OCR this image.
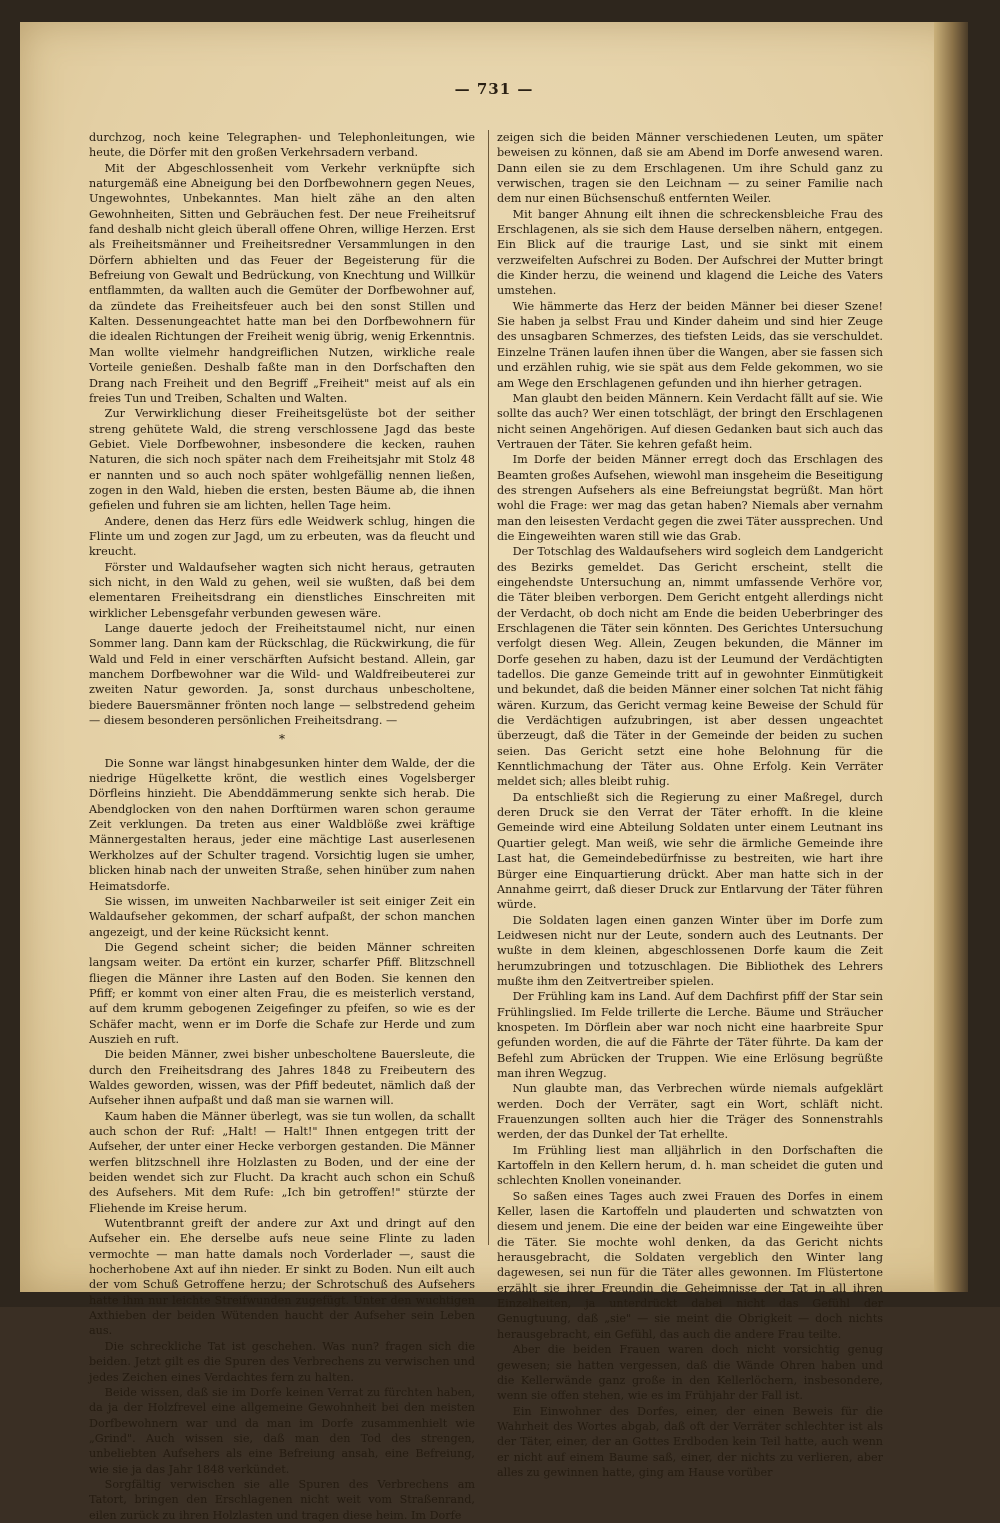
— 731 —

durchzog, noch keine Telegraphen- und Telephonleitungen, wie heute, die Dörfer mit den großen Verkehrsadern verband.

Mit der Abgeschlossenheit vom Verkehr verknüpfte sich naturgemäß eine Abneigung bei den Dorfbewohnern gegen Neues, Ungewohntes, Unbekanntes. Man hielt zähe an den alten Gewohnheiten, Sitten und Gebräuchen fest. Der neue Freiheitsruf fand deshalb nicht gleich überall offene Ohren, willige Herzen. Erst als Freiheitsmänner und Freiheitsredner Versammlungen in den Dörfern abhielten und das Feuer der Begeisterung für die Befreiung von Gewalt und Bedrückung, von Knechtung und Willkür entflammten, da wallten auch die Gemüter der Dorfbewohner auf, da zündete das Freiheitsfeuer auch bei den sonst Stillen und Kalten. Dessenungeachtet hatte man bei den Dorfbewohnern für die idealen Richtungen der Freiheit wenig übrig, wenig Erkenntnis. Man wollte vielmehr handgreiflichen Nutzen, wirkliche reale Vorteile genießen. Deshalb faßte man in den Dorfschaften den Drang nach Freiheit und den Begriff „Freiheit" meist auf als ein freies Tun und Treiben, Schalten und Walten.

Zur Verwirklichung dieser Freiheitsgelüste bot der seither streng gehütete Wald, die streng verschlossene Jagd das beste Gebiet. Viele Dorfbewohner, insbesondere die kecken, rauhen Naturen, die sich noch später nach dem Freiheitsjahr mit Stolz 48 er nannten und so auch noch später wohlgefällig nennen ließen, zogen in den Wald, hieben die ersten, besten Bäume ab, die ihnen gefielen und fuhren sie am lichten, hellen Tage heim.

Andere, denen das Herz fürs edle Weidwerk schlug, hingen die Flinte um und zogen zur Jagd, um zu erbeuten, was da fleucht und kreucht.

Förster und Waldaufseher wagten sich nicht heraus, getrauten sich nicht, in den Wald zu gehen, weil sie wußten, daß bei dem elementaren Freiheitsdrang ein dienstliches Einschreiten mit wirklicher Lebensgefahr verbunden gewesen wäre.

Lange dauerte jedoch der Freiheitstaumel nicht, nur einen Sommer lang. Dann kam der Rückschlag, die Rückwirkung, die für Wald und Feld in einer verschärften Aufsicht bestand. Allein, gar manchem Dorfbewohner war die Wild- und Waldfreibeuterei zur zweiten Natur geworden. Ja, sonst durchaus unbescholtene, biedere Bauersmänner frönten noch lange — selbstredend geheim — diesem besonderen persönlichen Freiheitsdrang. —

*

Die Sonne war längst hinabgesunken hinter dem Walde, der die niedrige Hügelkette krönt, die westlich eines Vogelsberger Dörfleins hinzieht. Die Abenddämmerung senkte sich herab. Die Abendglocken von den nahen Dorftürmen waren schon geraume Zeit verklungen. Da treten aus einer Waldblöße zwei kräftige Männergestalten heraus, jeder eine mächtige Last auserlesenen Werkholzes auf der Schulter tragend. Vorsichtig lugen sie umher, blicken hinab nach der unweiten Straße, sehen hinüber zum nahen Heimatsdorfe.

Sie wissen, im unweiten Nachbarweiler ist seit einiger Zeit ein Waldaufseher gekommen, der scharf aufpaßt, der schon manchen angezeigt, und der keine Rücksicht kennt.

Die Gegend scheint sicher; die beiden Männer schreiten langsam weiter. Da ertönt ein kurzer, scharfer Pfiff. Blitzschnell fliegen die Männer ihre Lasten auf den Boden. Sie kennen den Pfiff; er kommt von einer alten Frau, die es meisterlich verstand, auf dem krumm gebogenen Zeigefinger zu pfeifen, so wie es der Schäfer macht, wenn er im Dorfe die Schafe zur Herde und zum Auszieh en ruft.

Die beiden Männer, zwei bisher unbescholtene Bauersleute, die durch den Freiheitsdrang des Jahres 1848 zu Freibeutern des Waldes geworden, wissen, was der Pfiff bedeutet, nämlich daß der Aufseher ihnen aufpaßt und daß man sie warnen will.

Kaum haben die Männer überlegt, was sie tun wollen, da schallt auch schon der Ruf: „Halt! — Halt!" Ihnen entgegen tritt der Aufseher, der unter einer Hecke verborgen gestanden. Die Männer werfen blitzschnell ihre Holzlasten zu Boden, und der eine der beiden wendet sich zur Flucht. Da kracht auch schon ein Schuß des Aufsehers. Mit dem Rufe: „Ich bin getroffen!" stürzte der Fliehende im Kreise herum.

Wutentbrannt greift der andere zur Axt und dringt auf den Aufseher ein. Ehe derselbe aufs neue seine Flinte zu laden vermochte — man hatte damals noch Vorderlader —, saust die hocherhobene Axt auf ihn nieder. Er sinkt zu Boden. Nun eilt auch der vom Schuß Getroffene herzu; der Schrotschuß des Aufsehers hatte ihm nur leichte Streifwunden zugefügt. Unter den wuchtigen Axthieben der beiden Wütenden haucht der Aufseher sein Leben aus.

Die schreckliche Tat ist geschehen. Was nun? fragen sich die beiden. Jetzt gilt es die Spuren des Verbrechens zu verwischen und jedes Zeichen eines Verdachtes fern zu halten.

Beide wissen, daß sie im Dorfe keinen Verrat zu fürchten haben, da ja der Holzfrevel eine allgemeine Gewohnheit bei den meisten Dorfbewohnern war und da man im Dorfe zusammenhielt wie „Grind". Auch wissen sie, daß man den Tod des strengen, unbeliebten Aufsehers als eine Befreiung ansah, eine Befreiung, wie sie ja das Jahr 1848 verkündet.

Sorgfältig verwischen sie alle Spuren des Verbrechens am Tatort, bringen den Erschlagenen nicht weit vom Straßenrand, eilen zurück zu ihren Holzlasten und tragen diese heim. Im Dorfe

zeigen sich die beiden Männer verschiedenen Leuten, um später beweisen zu können, daß sie am Abend im Dorfe anwesend waren. Dann eilen sie zu dem Erschlagenen. Um ihre Schuld ganz zu verwischen, tragen sie den Leichnam — zu seiner Familie nach dem nur einen Büchsenschuß entfernten Weiler.

Mit banger Ahnung eilt ihnen die schreckensbleiche Frau des Erschlagenen, als sie sich dem Hause derselben nähern, entgegen. Ein Blick auf die traurige Last, und sie sinkt mit einem verzweifelten Aufschrei zu Boden. Der Aufschrei der Mutter bringt die Kinder herzu, die weinend und klagend die Leiche des Vaters umstehen.

Wie hämmerte das Herz der beiden Männer bei dieser Szene! Sie haben ja selbst Frau und Kinder daheim und sind hier Zeuge des unsagbaren Schmerzes, des tiefsten Leids, das sie verschuldet. Einzelne Tränen laufen ihnen über die Wangen, aber sie fassen sich und erzählen ruhig, wie sie spät aus dem Felde gekommen, wo sie am Wege den Erschlagenen gefunden und ihn hierher getragen.

Man glaubt den beiden Männern. Kein Verdacht fällt auf sie. Wie sollte das auch? Wer einen totschlägt, der bringt den Erschlagenen nicht seinen Angehörigen. Auf diesen Gedanken baut sich auch das Vertrauen der Täter. Sie kehren gefaßt heim.

Im Dorfe der beiden Männer erregt doch das Erschlagen des Beamten großes Aufsehen, wiewohl man insgeheim die Beseitigung des strengen Aufsehers als eine Befreiungstat begrüßt. Man hört wohl die Frage: wer mag das getan haben? Niemals aber vernahm man den leisesten Verdacht gegen die zwei Täter aussprechen. Und die Eingeweihten waren still wie das Grab.

Der Totschlag des Waldaufsehers wird sogleich dem Landgericht des Bezirks gemeldet. Das Gericht erscheint, stellt die eingehendste Untersuchung an, nimmt umfassende Verhöre vor, die Täter bleiben verborgen. Dem Gericht entgeht allerdings nicht der Verdacht, ob doch nicht am Ende die beiden Ueberbringer des Erschlagenen die Täter sein könnten. Des Gerichtes Untersuchung verfolgt diesen Weg. Allein, Zeugen bekunden, die Männer im Dorfe gesehen zu haben, dazu ist der Leumund der Verdächtigten tadellos. Die ganze Gemeinde tritt auf in gewohnter Einmütigkeit und bekundet, daß die beiden Männer einer solchen Tat nicht fähig wären. Kurzum, das Gericht vermag keine Beweise der Schuld für die Verdächtigen aufzubringen, ist aber dessen ungeachtet überzeugt, daß die Täter in der Gemeinde der beiden zu suchen seien. Das Gericht setzt eine hohe Belohnung für die Kenntlichmachung der Täter aus. Ohne Erfolg. Kein Verräter meldet sich; alles bleibt ruhig.

Da entschließt sich die Regierung zu einer Maßregel, durch deren Druck sie den Verrat der Täter erhofft. In die kleine Gemeinde wird eine Abteilung Soldaten unter einem Leutnant ins Quartier gelegt. Man weiß, wie sehr die ärmliche Gemeinde ihre Last hat, die Gemeindebedürfnisse zu bestreiten, wie hart ihre Bürger eine Einquartierung drückt. Aber man hatte sich in der Annahme geirrt, daß dieser Druck zur Entlarvung der Täter führen würde.

Die Soldaten lagen einen ganzen Winter über im Dorfe zum Leidwesen nicht nur der Leute, sondern auch des Leutnants. Der wußte in dem kleinen, abgeschlossenen Dorfe kaum die Zeit herumzubringen und totzuschlagen. Die Bibliothek des Lehrers mußte ihm den Zeitvertreiber spielen.

Der Frühling kam ins Land. Auf dem Dachfirst pfiff der Star sein Frühlingslied. Im Felde trillerte die Lerche. Bäume und Sträucher knospeten. Im Dörflein aber war noch nicht eine haarbreite Spur gefunden worden, die auf die Fährte der Täter führte. Da kam der Befehl zum Abrücken der Truppen. Wie eine Erlösung begrüßte man ihren Wegzug.

Nun glaubte man, das Verbrechen würde niemals aufgeklärt werden. Doch der Verräter, sagt ein Wort, schläft nicht. Frauenzungen sollten auch hier die Träger des Sonnenstrahls werden, der das Dunkel der Tat erhellte.

Im Frühling liest man alljährlich in den Dorfschaften die Kartoffeln in den Kellern herum, d. h. man scheidet die guten und schlechten Knollen voneinander.

So saßen eines Tages auch zwei Frauen des Dorfes in einem Keller, lasen die Kartoffeln und plauderten und schwatzten von diesem und jenem. Die eine der beiden war eine Eingeweihte über die Täter. Sie mochte wohl denken, da das Gericht nichts herausgebracht, die Soldaten vergeblich den Winter lang dagewesen, sei nun für die Täter alles gewonnen. Im Flüstertone erzählt sie ihrer Freundin die Geheimnisse der Tat in all ihren Einzelheiten, ja unterdrückt dabei nicht das Gefühl der Genugtuung, daß „sie" — sie meint die Obrigkeit — doch nichts herausgebracht, ein Gefühl, das auch die andere Frau teilte.

Aber die beiden Frauen waren doch nicht vorsichtig genug gewesen; sie hatten vergessen, daß die Wände Ohren haben und die Kellerwände ganz große in den Kellerlöchern, insbesondere, wenn sie offen stehen, wie es im Frühjahr der Fall ist.

Ein Einwohner des Dorfes, einer, der einen Beweis für die Wahrheit des Wortes abgab, daß oft der Verräter schlechter ist als der Täter, einer, der an Gottes Erdboden kein Teil hatte, auch wenn er nicht auf einem Baume saß, einer, der nichts zu verlieren, aber alles zu gewinnen hatte, ging am Hause vorüber
